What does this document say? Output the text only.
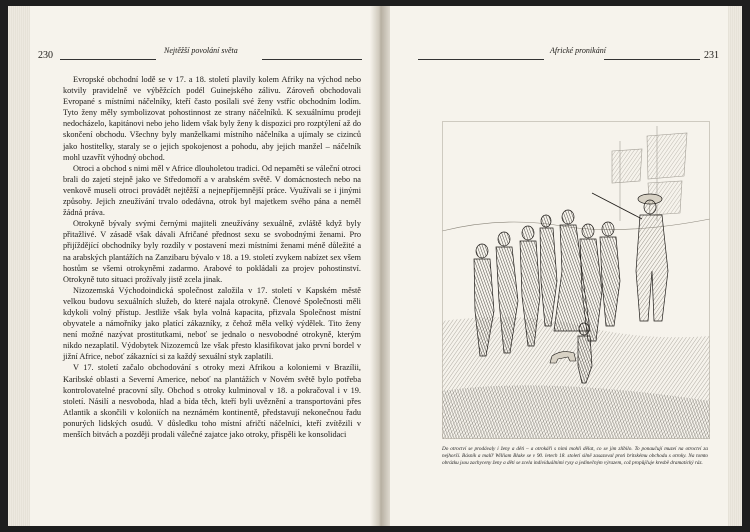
230	Nejtěžší povolání světa

Evropské obchodní lodě se v 17. a 18. století plavily kolem Afriky na východ nebo kotvily pravidelně ve výběžcích podél Guinejského zálivu. Zároveň obchodovali Evropané s místními náčelníky, kteří často posílali své ženy vstříc obchodním lodím. Tyto ženy měly symbolizovat pohostinnost ze strany náčelníků. K sexuálnímu prodeji nedocházelo, kapitánovi nebo jeho lidem však byly ženy k dispozici pro rozptýlení až do skončení obchodu. Všechny byly manželkami místního náčelníka a ujímaly se cizinců jako hostitelky, staraly se o jejich spokojenost a pohodu, aby jejich manžel – náčelník mohl uzavřít výhodný obchod.

Otroci a obchod s nimi měl v Africe dlouholetou tradici. Od nepaměti se váleční otroci brali do zajetí stejně jako ve Středomoří a v arabském světě. V domácnostech nebo na venkově museli otroci provádět nejtěžší a nejnepříjemnější práce. Využívali se i jinými způsoby. Jejich zneužívání trvalo odedávna, otrok byl majetkem svého pána a neměl žádná práva.

Otrokyně bývaly svými černými majiteli zneužívány sexuálně, zvláště když byly přitažlivé. V zásadě však dávali Afričané přednost sexu se svobodnými ženami. Pro přijíždějící obchodníky byly rozdíly v postavení mezi místními ženami méně důležité a na arabských plantážích na Zanzibaru bývalo v 18. a 19. století zvykem nabízet sex všem hostům se všemi otrokyněmi zadarmo. Arabové to pokládali za projev pohostinství. Otrokyně tuto situaci prožívaly jistě zcela jinak.

Nizozemská Východoindická společnost založila v 17. století v Kapském městě velkou budovu sexuálních služeb, do které najala otrokyně. Členové Společnosti měli kdykoli volný přístup. Jestliže však byla volná kapacita, přizvala Společnost místní obyvatele a námořníky jako platící zákazníky, z čehož měla velký výdělek. Tito ženy není možné nazývat prostitutkami, neboť se jednalo o nesvobodné otrokyně, kterým nikdo nezaplatil. Výdobytek Nizozemců lze však přesto klasifikovat jako první bordel v jižní Africe, neboť zákazníci si za každý sexuální styk zaplatili.

V 17. století začalo obchodování s otroky mezi Afrikou a koloniemi v Brazílii, Karibské oblasti a Severní Americe, neboť na plantážích v Novém světě bylo potřeba kontrolovatelné pracovní síly. Obchod s otroky kulminoval v 18. a pokračoval i v 19. století. Násilí a nesvoboda, hlad a bída těch, kteří byli uvěznění a transportováni přes Atlantik a skončili v koloniích na neznámém kontinentě, představují nekonečnou řadu ponurých lidských osudů. V důsledku toho místní afričtí náčelníci, kteří zvítězili v menších bitvách a později prodali válečné zajatce jako otroky, přispěli ke konsolidaci

Africké pronikání	231
Do otroctví se prodávaly i ženy a děti – a otrokáři s nimi mohli dělat, co se jim zlíbilo. To ponaučují muzeí na otroctví za nejhorší. Básník a malíř William Blake se v 90. letech 18. století silně zasazoval proti britskému obchodu s otroky. Na tomto obrázku jsou zachyceny ženy a děti se zcela individuálními rysy a jedinečným výrazem, což propůjčuje kresbě dramatický ráz.
